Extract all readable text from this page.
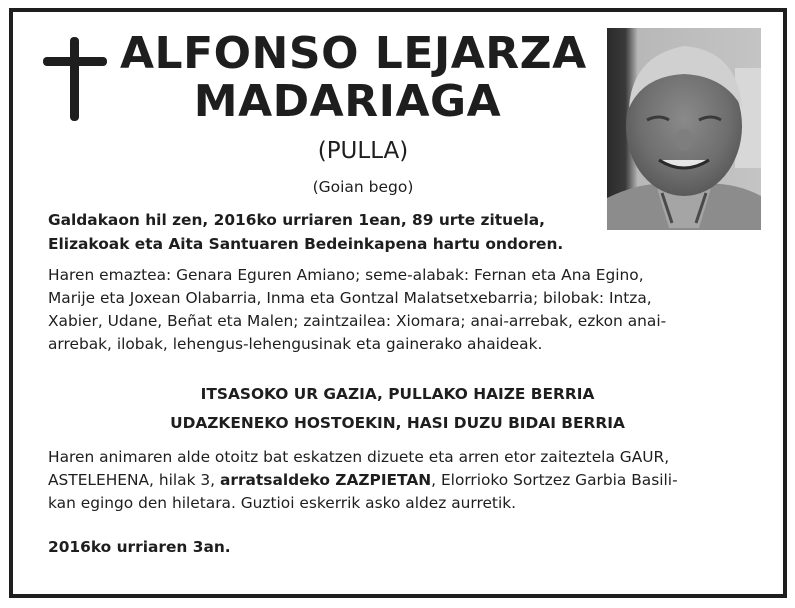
ALFONSO LEJARZA
MADARIAGA
(PULLA)
(Goian bego)
Galdakaon hil zen, 2016ko urriaren 1ean, 89 urte zituela,
Elizakoak eta Aita Santuaren Bedeinkapena hartu ondoren.
Haren emaztea: Genara Eguren Amiano; seme-alabak: Fernan eta Ana Egino,
Marije eta Joxean Olabarria, Inma eta Gontzal Malatsetxebarria; bilobak: Intza,
Xabier, Udane, Beñat eta Malen; zaintzailea: Xiomara; anai-arrebak, ezkon anai-
arrebak, ilobak, lehengus-lehengusinak eta gainerako ahaideak.
ITSASOKO UR GAZIA, PULLAKO HAIZE BERRIA
UDAZKENEKO HOSTOEKIN, HASI DUZU BIDAI BERRIA
Haren animaren alde otoitz bat eskatzen dizuete eta arren etor zaiteztela GAUR,
ASTELEHENA, hilak 3, arratsaldeko ZAZPIETAN, Elorrioko Sortzez Garbia Basili-
kan egingo den hiletara. Guztioi eskerrik asko aldez aurretik.
2016ko urriaren 3an.
